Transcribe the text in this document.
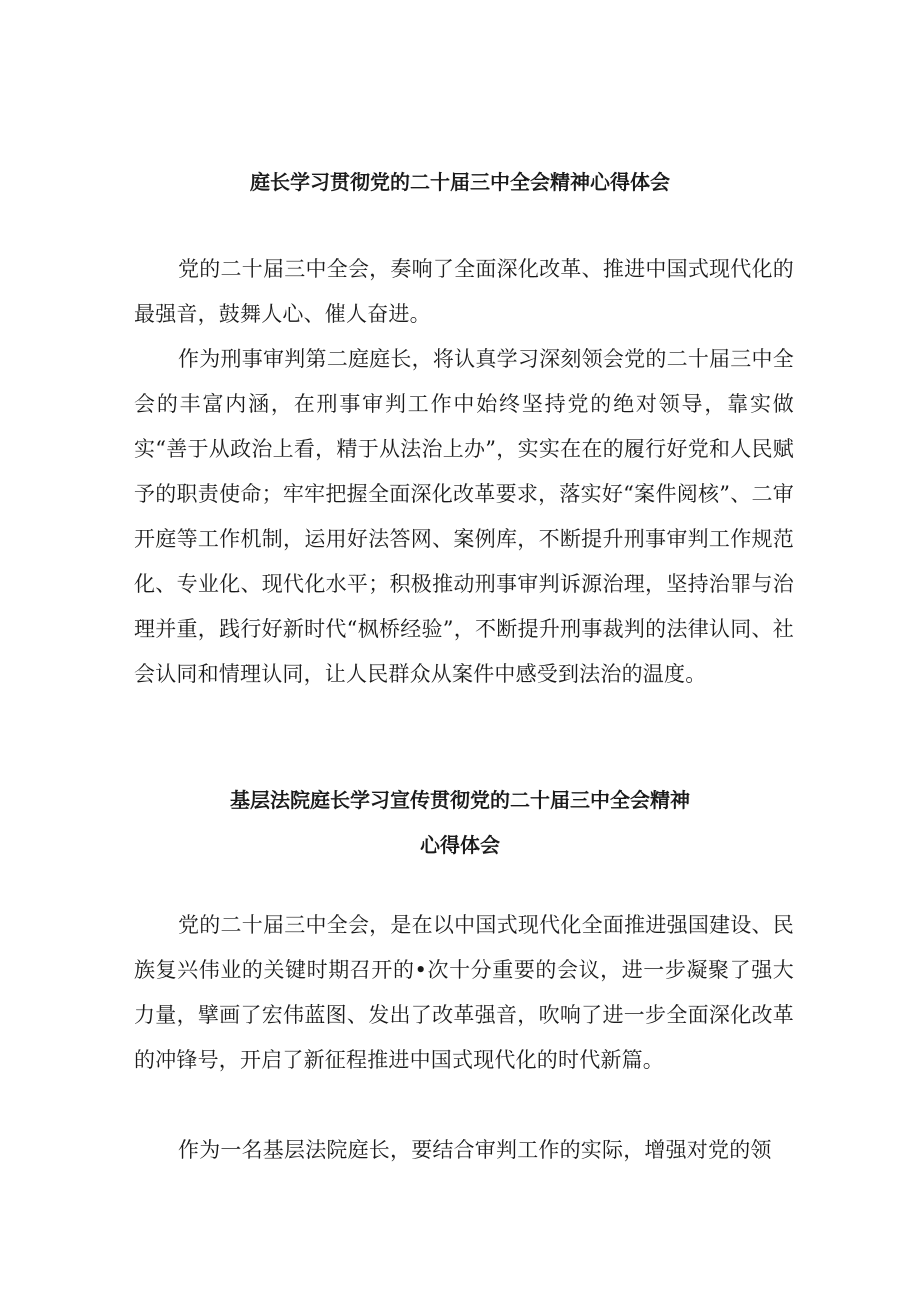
庭长学习贯彻党的二十届三中全会精神心得体会

党的二十届三中全会，奏响了全面深化改革、推进中国式现代化的最强音，鼓舞人心、催人奋进。

作为刑事审判第二庭庭长，将认真学习深刻领会党的二十届三中全会的丰富内涵，在刑事审判工作中始终坚持党的绝对领导，靠实做实“善于从政治上看，精于从法治上办”，实实在在的履行好党和人民赋予的职责使命；牢牢把握全面深化改革要求，落实好“案件阅核”、二审开庭等工作机制，运用好法答网、案例库，不断提升刑事审判工作规范化、专业化、现代化水平；积极推动刑事审判诉源治理，坚持治罪与治理并重，践行好新时代“枫桥经验”，不断提升刑事裁判的法律认同、社会认同和情理认同，让人民群众从案件中感受到法治的温度。

基层法院庭长学习宣传贯彻党的二十届三中全会精神
心得体会

党的二十届三中全会，是在以中国式现代化全面推进强国建设、民族复兴伟业的关键时期召开的•次十分重要的会议，进一步凝聚了强大力量，擘画了宏伟蓝图、发出了改革强音，吹响了进一步全面深化改革的冲锋号，开启了新征程推进中国式现代化的时代新篇。

作为一名基层法院庭长，要结合审判工作的实际，增强对党的领
